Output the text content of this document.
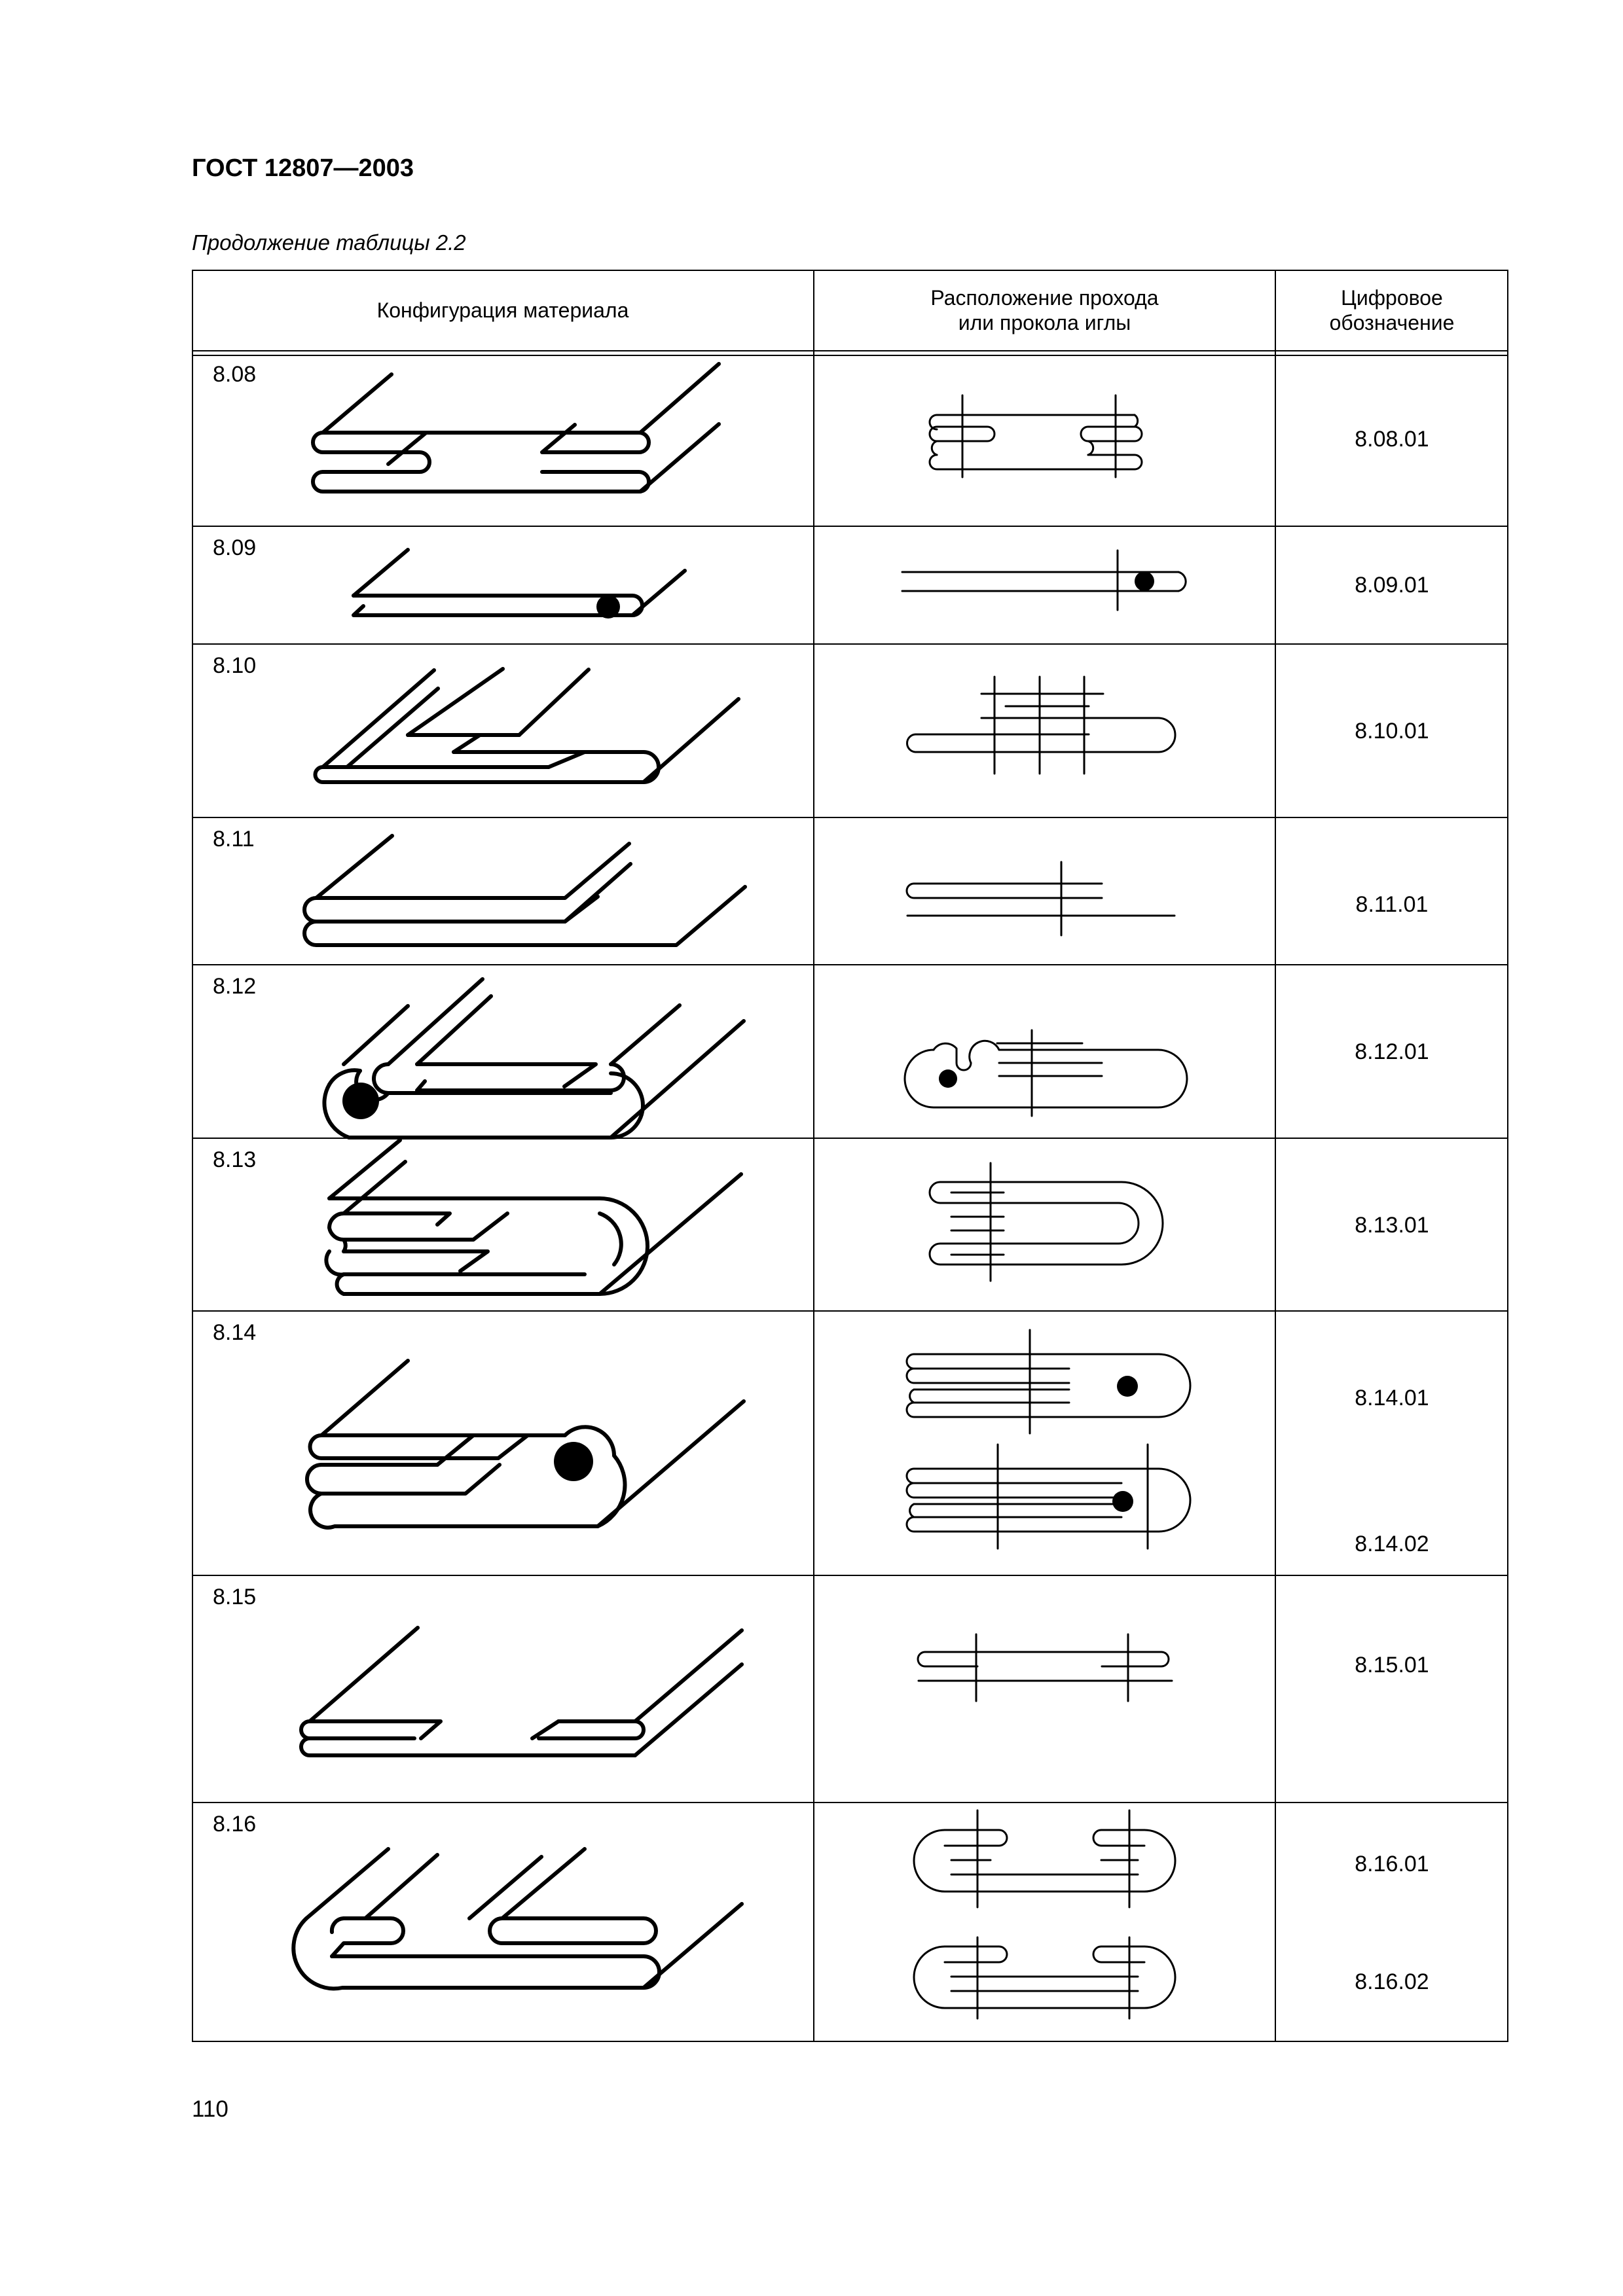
ГОСТ 12807—2003
Продолжение таблицы 2.2
Конфигурация материала
Расположение прохода
или прокола иглы
Цифровое
обозначение
8.08
8.09
8.10
8.11
8.12
8.13
8.14
8.15
8.16
8.08.01
8.09.01
8.10.01
8.11.01
8.12.01
8.13.01
8.14.01
8.14.02
8.15.01
8.16.01
8.16.02
110
